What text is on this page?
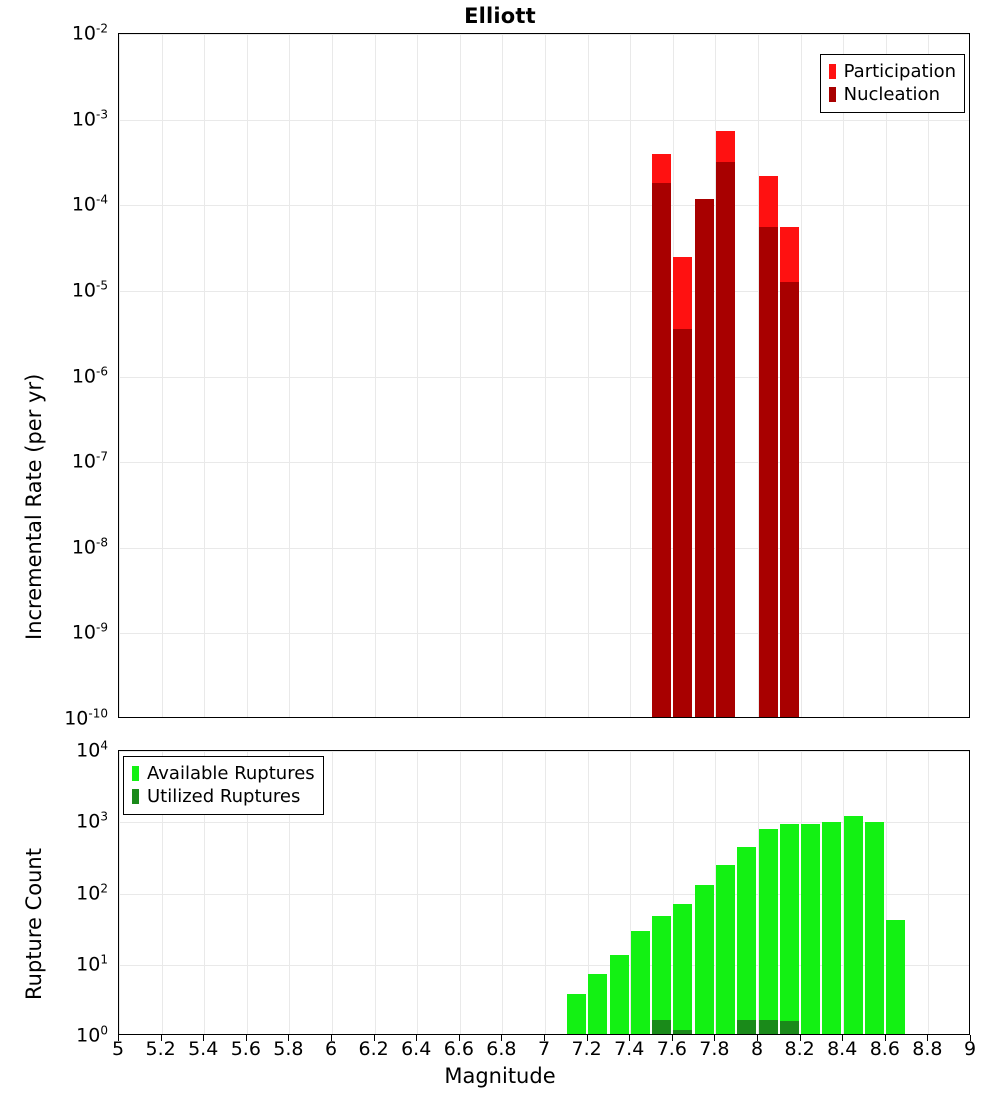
Elliott
Participation
Nucleation
$10^{-2}$
$10^{-3}$
$10^{-4}$
$10^{-5}$
$10^{-6}$
$10^{-7}$
$10^{-8}$
$10^{-9}$
$10^{-10}$
Incremental Rate (per yr)
Available Ruptures
Utilized Ruptures
$10^4$
$10^3$
$10^2$
$10^1$
$10^0$
Rupture Count
5 5.2 5.4 5.6 5.8 6 6.2 6.4 6.6 6.8 7 7.2 7.4 7.6 7.8 8 8.2 8.4 8.6 8.8 9
Magnitude
